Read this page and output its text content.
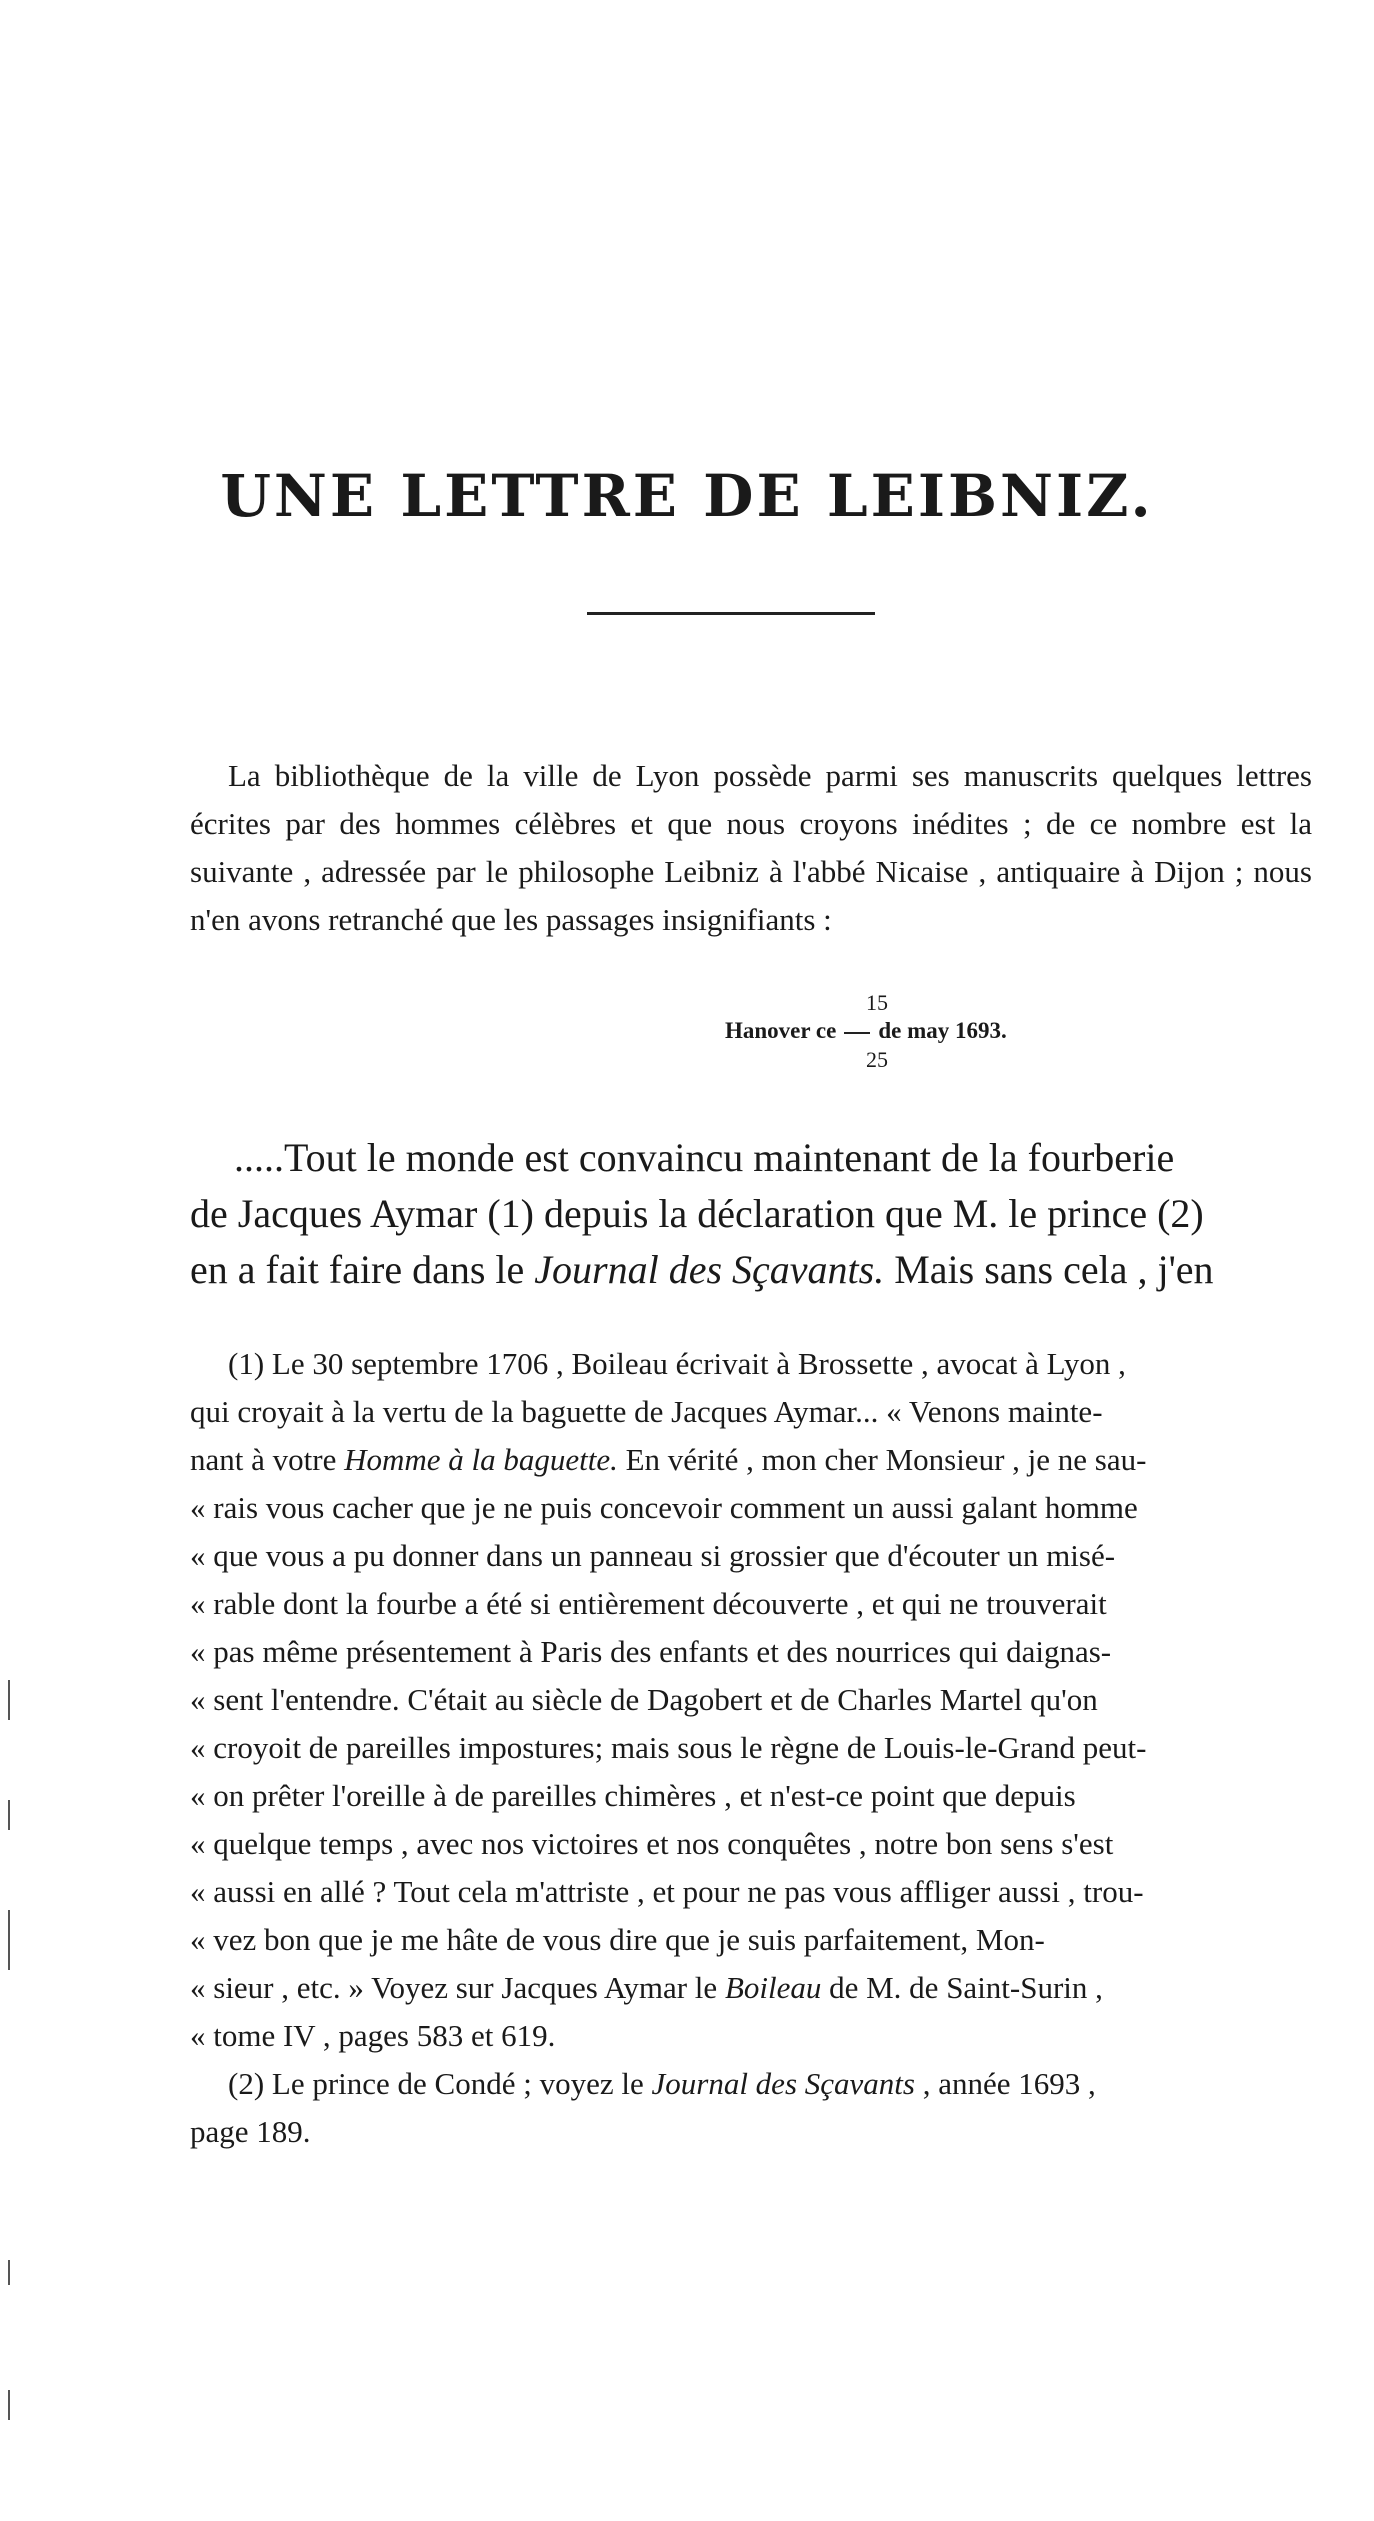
UNE LETTRE DE LEIBNIZ.

La bibliothèque de la ville de Lyon possède parmi ses manuscrits quelques lettres écrites par des hommes célèbres et que nous croyons inédites ; de ce nombre est la suivante , adressée par le philosophe Leibniz à l'abbé Nicaise , antiquaire à Dijon ; nous n'en avons retranché que les passages insignifiants :

15
Hanover ce de may 1693.
25
.....Tout le monde est convaincu maintenant de la fourberie
de Jacques Aymar (1) depuis la déclaration que M. le prince (2)
en a fait faire dans le Journal des Sçavants. Mais sans cela , j'en
(1) Le 30 septembre 1706 , Boileau écrivait à Brossette , avocat à Lyon ,
qui croyait à la vertu de la baguette de Jacques Aymar... « Venons mainte-
nant à votre Homme à la baguette. En vérité , mon cher Monsieur , je ne sau-
« rais vous cacher que je ne puis concevoir comment un aussi galant homme
« que vous a pu donner dans un panneau si grossier que d'écouter un misé-
« rable dont la fourbe a été si entièrement découverte , et qui ne trouverait
« pas même présentement à Paris des enfants et des nourrices qui daignas-
« sent l'entendre. C'était au siècle de Dagobert et de Charles Martel qu'on
« croyoit de pareilles impostures; mais sous le règne de Louis-le-Grand peut-
« on prêter l'oreille à de pareilles chimères , et n'est-ce point que depuis
« quelque temps , avec nos victoires et nos conquêtes , notre bon sens s'est
« aussi en allé ? Tout cela m'attriste , et pour ne pas vous affliger aussi , trou-
« vez bon que je me hâte de vous dire que je suis parfaitement, Mon-
« sieur , etc. » Voyez sur Jacques Aymar le Boileau de M. de Saint-Surin ,
« tome IV , pages 583 et 619.
(2) Le prince de Condé ; voyez le Journal des Sçavants , année 1693 ,
page 189.
